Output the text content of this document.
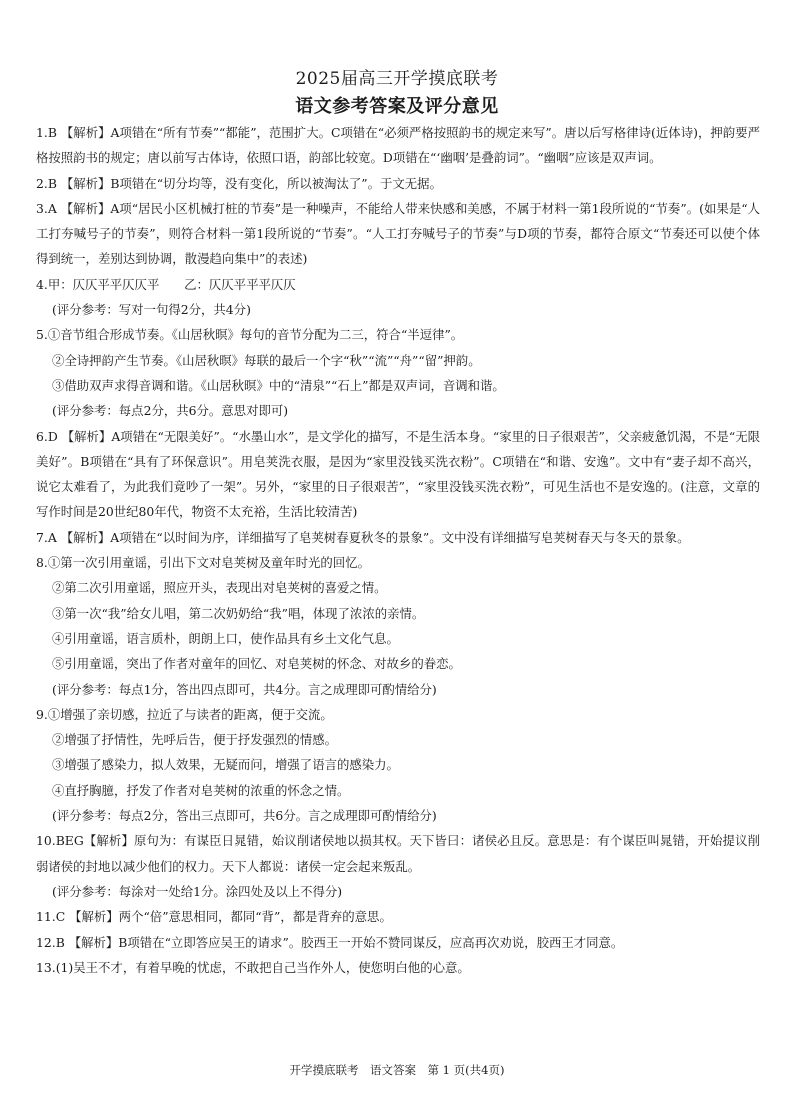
2025届高三开学摸底联考
语文参考答案及评分意见

1.B 【解析】A项错在“所有节奏”“都能”，范围扩大。C项错在“必须严格按照韵书的规定来写”。唐以后写格律诗(近体诗)，押韵要严格按照韵书的规定；唐以前写古体诗，依照口语，韵部比较宽。D项错在“‘幽咽’是叠韵词”。“幽咽”应该是双声词。

2.B 【解析】B项错在“切分均等，没有变化，所以被淘汰了”。于文无据。

3.A 【解析】A项“居民小区机械打桩的节奏”是一种噪声，不能给人带来快感和美感，不属于材料一第1段所说的“节奏”。(如果是“人工打夯喊号子的节奏”，则符合材料一第1段所说的“节奏”。“人工打夯喊号子的节奏”与D项的节奏，都符合原文“节奏还可以使个体得到统一，差别达到协调，散漫趋向集中”的表述)

4.甲：仄仄平平仄仄平　　乙：仄仄平平平仄仄

(评分参考：写对一句得2分，共4分)

5.①音节组合形成节奏。《山居秋暝》每句的音节分配为二三，符合“半逗律”。

②全诗押韵产生节奏。《山居秋暝》每联的最后一个字“秋”“流”“舟”“留”押韵。

③借助双声求得音调和谐。《山居秋暝》中的“清泉”“石上”都是双声词，音调和谐。

(评分参考：每点2分，共6分。意思对即可)

6.D 【解析】A项错在“无限美好”。“水墨山水”，是文学化的描写，不是生活本身。“家里的日子很艰苦”，父亲疲惫饥渴，不是“无限美好”。B项错在“具有了环保意识”。用皂荚洗衣服，是因为“家里没钱买洗衣粉”。C项错在“和谐、安逸”。文中有“妻子却不高兴，说它太难看了，为此我们竟吵了一架”。另外，“家里的日子很艰苦”，“家里没钱买洗衣粉”，可见生活也不是安逸的。(注意，文章的写作时间是20世纪80年代，物资不太充裕，生活比较清苦)

7.A 【解析】A项错在“以时间为序，详细描写了皂荚树春夏秋冬的景象”。文中没有详细描写皂荚树春天与冬天的景象。

8.①第一次引用童谣，引出下文对皂荚树及童年时光的回忆。

②第二次引用童谣，照应开头，表现出对皂荚树的喜爱之情。

③第一次“我”给女儿唱，第二次奶奶给“我”唱，体现了浓浓的亲情。

④引用童谣，语言质朴，朗朗上口，使作品具有乡土文化气息。

⑤引用童谣，突出了作者对童年的回忆、对皂荚树的怀念、对故乡的眷恋。

(评分参考：每点1分，答出四点即可，共4分。言之成理即可酌情给分)

9.①增强了亲切感，拉近了与读者的距离，便于交流。

②增强了抒情性，先呼后告，便于抒发强烈的情感。

③增强了感染力，拟人效果，无疑而问，增强了语言的感染力。

④直抒胸臆，抒发了作者对皂荚树的浓重的怀念之情。

(评分参考：每点2分，答出三点即可，共6分。言之成理即可酌情给分)

10.BEG【解析】原句为：有谋臣日晁错，始议削诸侯地以损其权。天下皆曰：诸侯必且反。意思是：有个谋臣叫晁错，开始提议削弱诸侯的封地以减少他们的权力。天下人都说：诸侯一定会起来叛乱。

(评分参考：每涂对一处给1分。涂四处及以上不得分)

11.C 【解析】两个“倍”意思相同，都同“背”，都是背弃的意思。

12.B 【解析】B项错在“立即答应吴王的请求”。胶西王一开始不赞同谋反，应高再次劝说，胶西王才同意。

13.(1)吴王不才，有着早晚的忧虑，不敢把自己当作外人，使您明白他的心意。

开学摸底联考　语文答案　第 1 页(共4页)
